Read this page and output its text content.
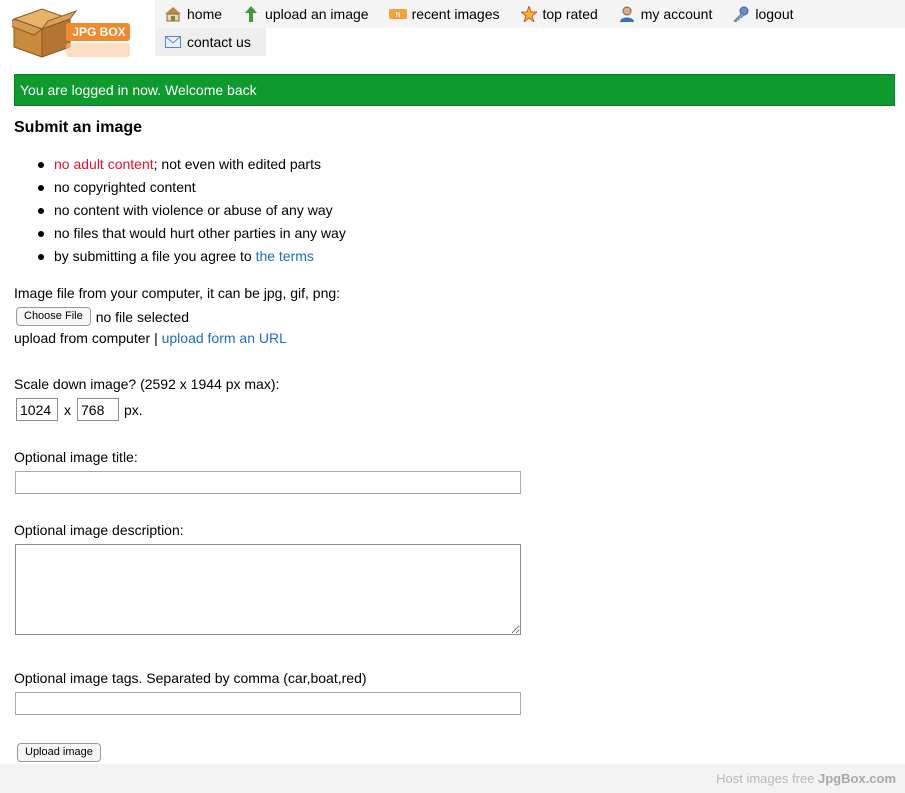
JPG BOX
home	upload an image	N recent images	top rated	my account	logout
contact us
You are logged in now. Welcome back
Submit an image
no adult content; not even with edited parts
no copyrighted content
no content with violence or abuse of any way
no files that would hurt other parties in any way
by submitting a file you agree to the terms
Image file from your computer, it can be jpg, gif, png:
Choose File no file selected
upload from computer | upload form an URL
Scale down image? (2592 x 1944 px max):
1024
x
768	px.
Optional image title:
Optional image description:
Optional image tags. Separated by comma (car,boat,red)
Upload image
Host images free JpgBox.com
